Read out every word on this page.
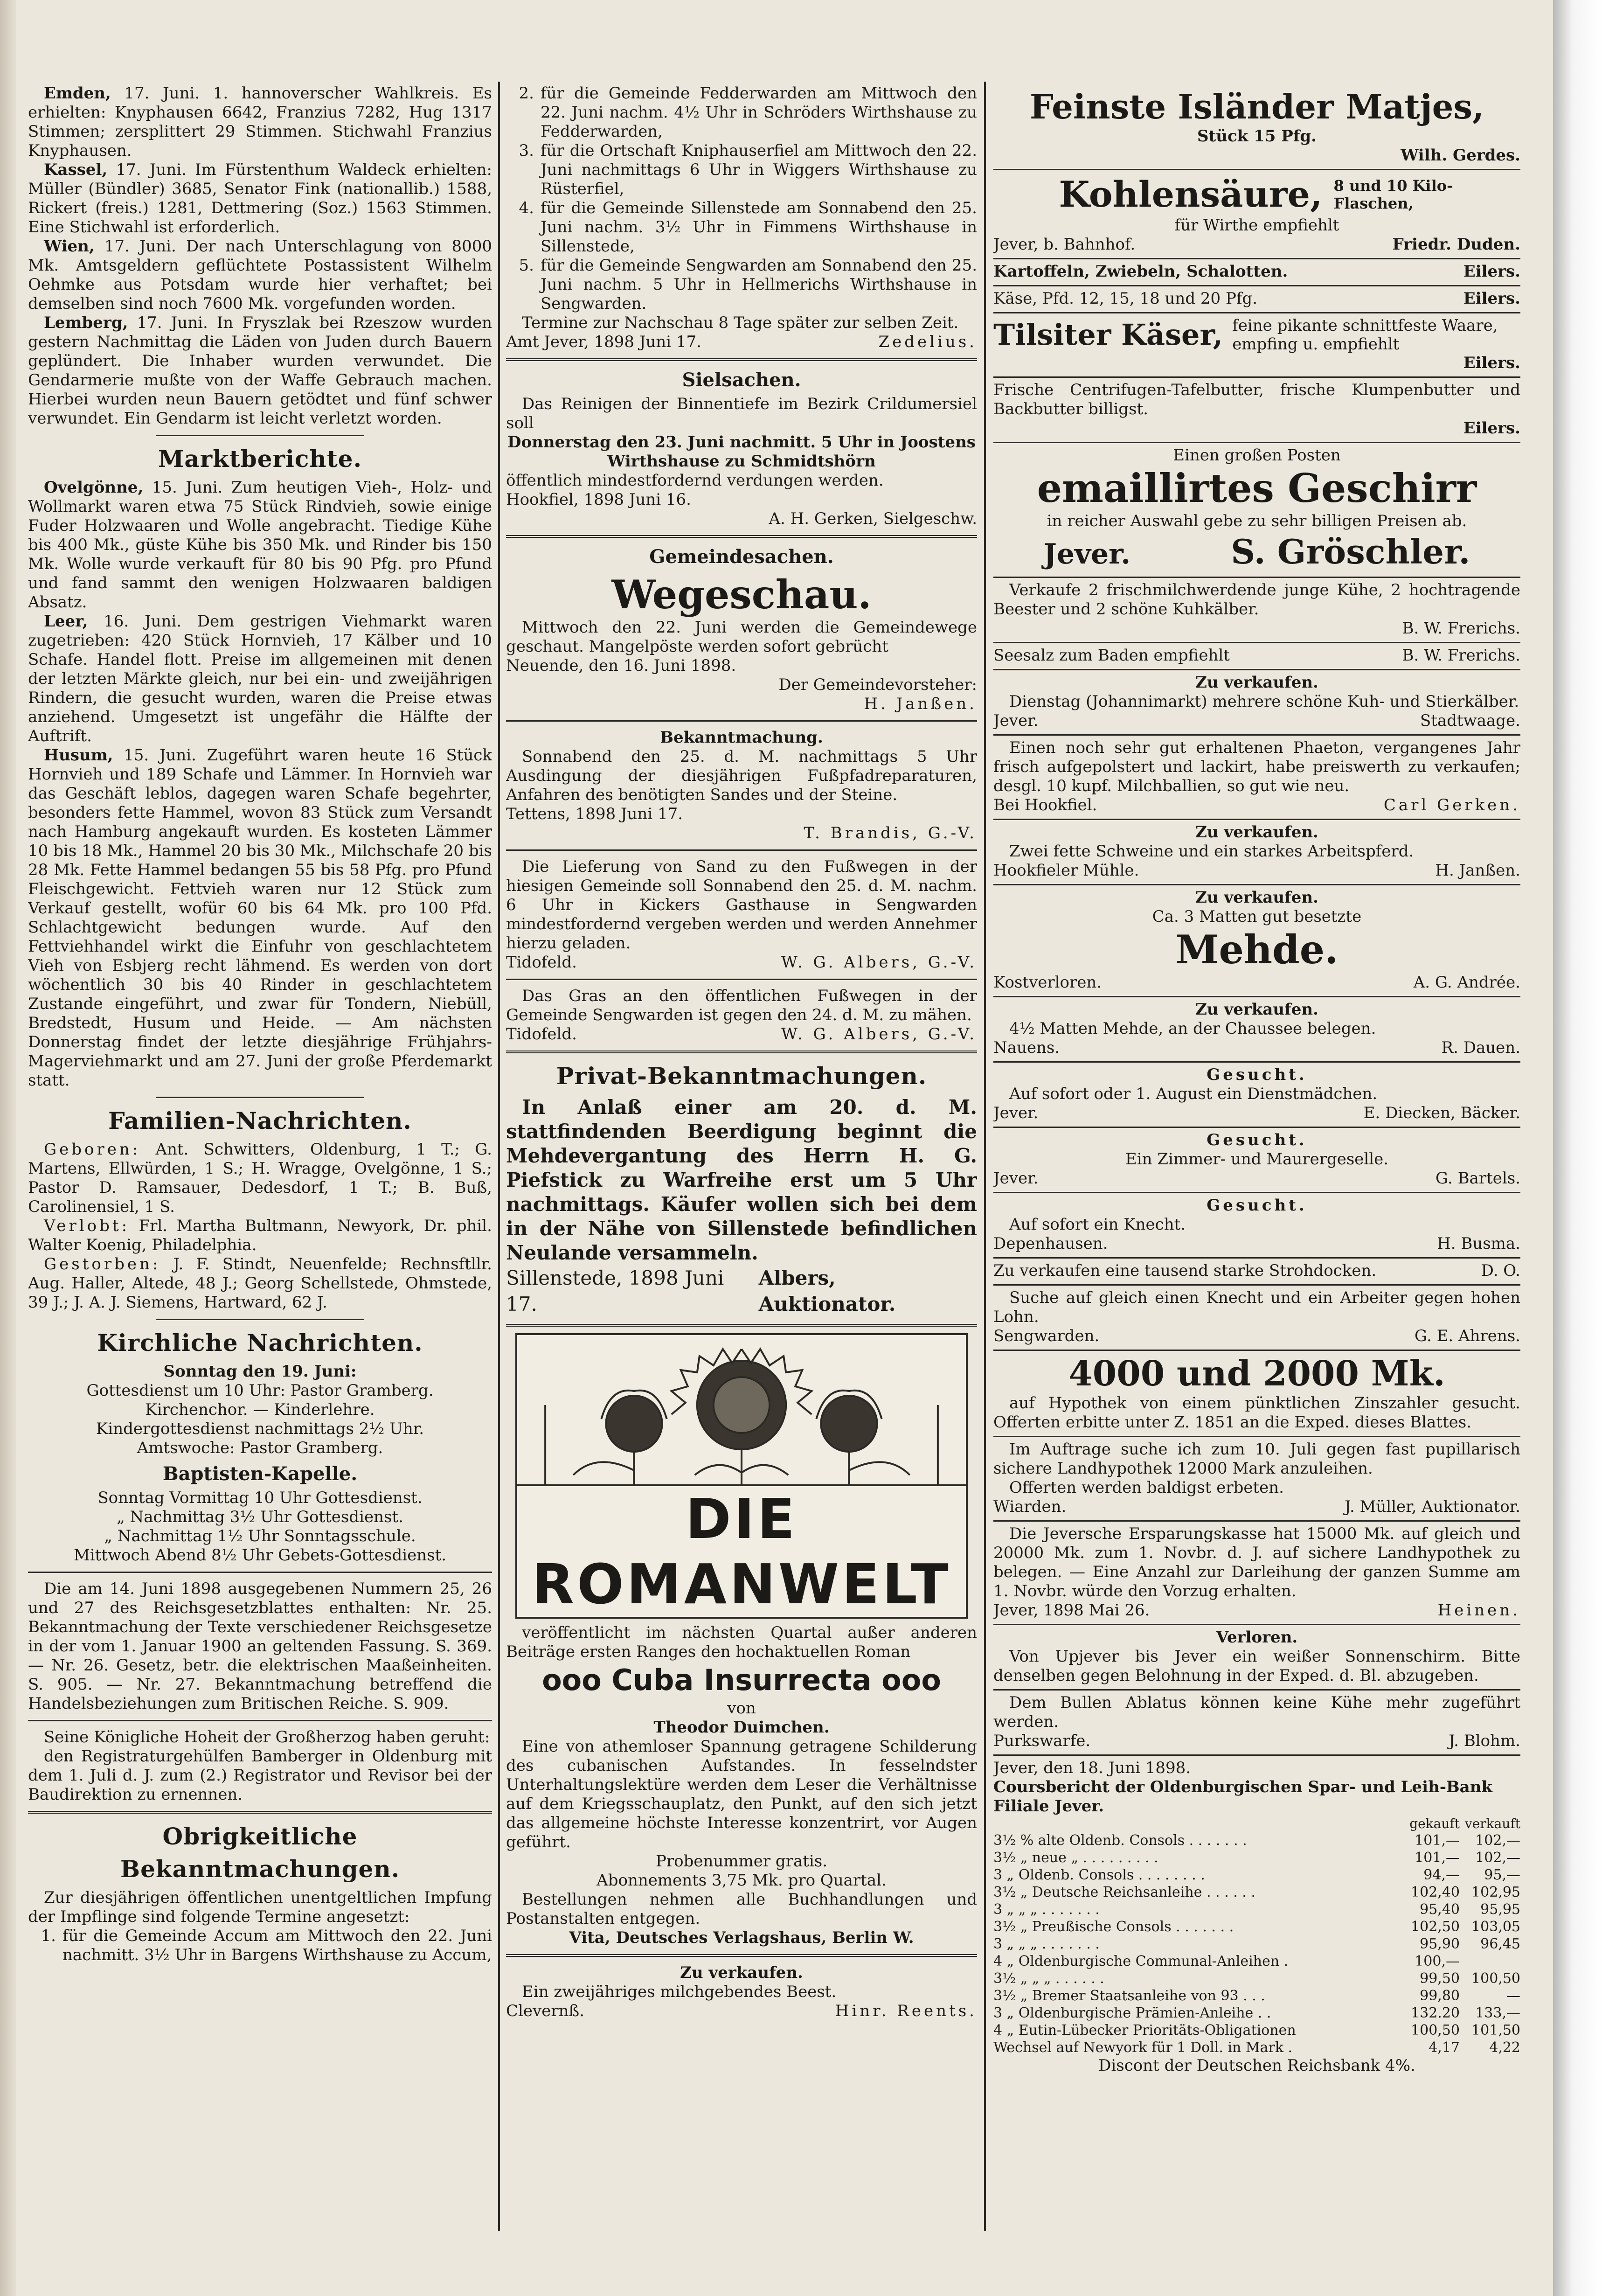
Emden, 17. Juni. 1. hannoverscher Wahlkreis. Es erhielten: Knyphausen 6642, Franzius 7282, Hug 1317 Stimmen; zersplittert 29 Stimmen. Stichwahl Franzius Knyphausen.

Kassel, 17. Juni. Im Fürstenthum Waldeck erhielten: Müller (Bündler) 3685, Senator Fink (nationallib.) 1588, Rickert (freis.) 1281, Dettmering (Soz.) 1563 Stimmen. Eine Stichwahl ist erforderlich.

Wien, 17. Juni. Der nach Unterschlagung von 8000 Mk. Amtsgeldern geflüchtete Postassistent Wilhelm Oehmke aus Potsdam wurde hier verhaftet; bei demselben sind noch 7600 Mk. vorgefunden worden.

Lemberg, 17. Juni. In Fryszlak bei Rzeszow wurden gestern Nachmittag die Läden von Juden durch Bauern geplündert. Die Inhaber wurden verwundet. Die Gendarmerie mußte von der Waffe Gebrauch machen. Hierbei wurden neun Bauern getödtet und fünf schwer verwundet. Ein Gendarm ist leicht verletzt worden.

Marktberichte.

Ovelgönne, 15. Juni. Zum heutigen Vieh-, Holz- und Wollmarkt waren etwa 75 Stück Rindvieh, sowie einige Fuder Holzwaaren und Wolle angebracht. Tiedige Kühe bis 400 Mk., güste Kühe bis 350 Mk. und Rinder bis 150 Mk. Wolle wurde verkauft für 80 bis 90 Pfg. pro Pfund und fand sammt den wenigen Holzwaaren baldigen Absatz.

Leer, 16. Juni. Dem gestrigen Viehmarkt waren zugetrieben: 420 Stück Hornvieh, 17 Kälber und 10 Schafe. Handel flott. Preise im allgemeinen mit denen der letzten Märkte gleich, nur bei ein- und zweijährigen Rindern, die gesucht wurden, waren die Preise etwas anziehend. Umgesetzt ist ungefähr die Hälfte der Auftrift.

Husum, 15. Juni. Zugeführt waren heute 16 Stück Hornvieh und 189 Schafe und Lämmer. In Hornvieh war das Geschäft leblos, dagegen waren Schafe begehrter, besonders fette Hammel, wovon 83 Stück zum Versandt nach Hamburg angekauft wurden. Es kosteten Lämmer 10 bis 18 Mk., Hammel 20 bis 30 Mk., Milchschafe 20 bis 28 Mk. Fette Hammel bedangen 55 bis 58 Pfg. pro Pfund Fleischgewicht. Fettvieh waren nur 12 Stück zum Verkauf gestellt, wofür 60 bis 64 Mk. pro 100 Pfd. Schlachtgewicht bedungen wurde. Auf den Fettviehhandel wirkt die Einfuhr von geschlachtetem Vieh von Esbjerg recht lähmend. Es werden von dort wöchentlich 30 bis 40 Rinder in geschlachtetem Zustande eingeführt, und zwar für Tondern, Niebüll, Bredstedt, Husum und Heide. — Am nächsten Donnerstag findet der letzte diesjährige Frühjahrs-Magerviehmarkt und am 27. Juni der große Pferdemarkt statt.

Familien-Nachrichten.

Geboren: Ant. Schwitters, Oldenburg, 1 T.; G. Martens, Ellwürden, 1 S.; H. Wragge, Ovelgönne, 1 S.; Pastor D. Ramsauer, Dedesdorf, 1 T.; B. Buß, Carolinensiel, 1 S.

Verlobt: Frl. Martha Bultmann, Newyork, Dr. phil. Walter Koenig, Philadelphia.

Gestorben: J. F. Stindt, Neuenfelde; Rechnsftllr. Aug. Haller, Altede, 48 J.; Georg Schellstede, Ohmstede, 39 J.; J. A. J. Siemens, Hartward, 62 J.

Kirchliche Nachrichten.
Sonntag den 19. Juni:
Gottesdienst um 10 Uhr: Pastor Gramberg.
Kirchenchor. — Kinderlehre.
Kindergottesdienst nachmittags 2½ Uhr.
Amtswoche: Pastor Gramberg.
Baptisten-Kapelle.
Sonntag Vormittag 10 Uhr Gottesdienst.
„ Nachmittag 3½ Uhr Gottesdienst.
„ Nachmittag 1½ Uhr Sonntagsschule.
Mittwoch Abend 8½ Uhr Gebets-Gottesdienst.

Die am 14. Juni 1898 ausgegebenen Nummern 25, 26 und 27 des Reichsgesetzblattes enthalten: Nr. 25. Bekanntmachung der Texte verschiedener Reichsgesetze in der vom 1. Januar 1900 an geltenden Fassung. S. 369. — Nr. 26. Gesetz, betr. die elektrischen Maaßeinheiten. S. 905. — Nr. 27. Bekanntmachung betreffend die Handelsbeziehungen zum Britischen Reiche. S. 909.

Seine Königliche Hoheit der Großherzog haben geruht:

den Registraturgehülfen Bamberger in Oldenburg mit dem 1. Juli d. J. zum (2.) Registrator und Revisor bei der Baudirektion zu ernennen.

Obrigkeitliche Bekanntmachungen.

Zur diesjährigen öffentlichen unentgeltlichen Impfung der Impflinge sind folgende Termine angesetzt:

1. für die Gemeinde Accum am Mittwoch den 22. Juni nachmitt. 3½ Uhr in Bargens Wirthshause zu Accum,
2. für die Gemeinde Fedderwarden am Mittwoch den 22. Juni nachm. 4½ Uhr in Schröders Wirthshause zu Fedderwarden,
3. für die Ortschaft Kniphauserfiel am Mittwoch den 22. Juni nachmittags 6 Uhr in Wiggers Wirthshause zu Rüsterfiel,
4. für die Gemeinde Sillenstede am Sonnabend den 25. Juni nachm. 3½ Uhr in Fimmens Wirthshause in Sillenstede,
5. für die Gemeinde Sengwarden am Sonnabend den 25. Juni nachm. 5 Uhr in Hellmerichs Wirthshause in Sengwarden.

Termine zur Nachschau 8 Tage später zur selben Zeit.

Amt Jever, 1898 Juni 17.	Zedelius.
Sielsachen.

Das Reinigen der Binnentiefe im Bezirk Crildumersiel soll

Donnerstag den 23. Juni nachmitt. 5 Uhr in Joostens Wirthshause zu Schmidtshörn

öffentlich mindestfordernd verdungen werden.

Hookfiel, 1898 Juni 16.
A. H. Gerken, Sielgeschw.
Gemeindesachen.
Wegeschau.

Mittwoch den 22. Juni werden die Gemeindewege geschaut. Mangelpöste werden sofort gebrücht

Neuende, den 16. Juni 1898.
Der Gemeindevorsteher:
H. Janßen.
Bekanntmachung.

Sonnabend den 25. d. M. nachmittags 5 Uhr Ausdingung der diesjährigen Fußpfadreparaturen, Anfahren des benötigten Sandes und der Steine.

Tettens, 1898 Juni 17.
T. Brandis, G.-V.

Die Lieferung von Sand zu den Fußwegen in der hiesigen Gemeinde soll Sonnabend den 25. d. M. nachm. 6 Uhr in Kickers Gasthause in Sengwarden mindestfordernd vergeben werden und werden Annehmer hierzu geladen.

Tidofeld.	W. G. Albers, G.-V.

Das Gras an den öffentlichen Fußwegen in der Gemeinde Sengwarden ist gegen den 24. d. M. zu mähen.

Tidofeld.	W. G. Albers, G.-V.
Privat-Bekanntmachungen.

In Anlaß einer am 20. d. M. stattfindenden Beerdigung beginnt die Mehdevergantung des Herrn H. G. Piefstick zu Warfreihe erst um 5 Uhr nachmittags. Käufer wollen sich bei dem in der Nähe von Sillenstede befindlichen Neulande versammeln.

Sillenstede, 1898 Juni 17.
Albers, Auktionator.
DIE ROMANWELT

veröffentlicht im nächsten Quartal außer anderen Beiträge ersten Ranges den hochaktuellen Roman

ooo Cuba Insurrecta ooo
von
Theodor Duimchen.

Eine von athemloser Spannung getragene Schilderung des cubanischen Aufstandes. In fesselndster Unterhaltungslektüre werden dem Leser die Verhältnisse auf dem Kriegsschauplatz, den Punkt, auf den sich jetzt das allgemeine höchste Interesse konzentrirt, vor Augen geführt.

Probenummer gratis.
Abonnements 3,75 Mk. pro Quartal.

Bestellungen nehmen alle Buchhandlungen und Postanstalten entgegen.

Vita, Deutsches Verlagshaus, Berlin W.
Zu verkaufen.

Ein zweijähriges milchgebendes Beest.

Clevernß.	Hinr. Reents.
Feinste Isländer Matjes,
Stück 15 Pfg.
Wilh. Gerdes.
Kohlensäure, 8 und 10 Kilo-Flaschen,
für Wirthe empfiehlt
Jever, b. Bahnhof.	Friedr. Duden.
Kartoffeln, Zwiebeln, Schalotten.	Eilers.
Käse, Pfd. 12, 15, 18 und 20 Pfg.	Eilers.
Tilsiter Käser, feine pikante schnittfeste Waare, empfing u. empfiehlt
Eilers.

Frische Centrifugen-Tafelbutter, frische Klumpenbutter und Backbutter billigst.

Eilers.
Einen großen Posten
emaillirtes Geschirr
in reicher Auswahl gebe zu sehr billigen Preisen ab.
Jever.	S. Gröschler.

Verkaufe 2 frischmilchwerdende junge Kühe, 2 hochtragende Beester und 2 schöne Kuhkälber.

B. W. Frerichs.
Seesalz zum Baden empfiehlt	B. W. Frerichs.
Zu verkaufen.

Dienstag (Johannimarkt) mehrere schöne Kuh- und Stierkälber.

Jever.	Stadtwaage.

Einen noch sehr gut erhaltenen Phaeton, vergangenes Jahr frisch aufgepolstert und lackirt, habe preiswerth zu verkaufen; desgl. 10 kupf. Milchballien, so gut wie neu.

Bei Hookfiel.	Carl Gerken.
Zu verkaufen.

Zwei fette Schweine und ein starkes Arbeitspferd.

Hookfieler Mühle.	H. Janßen.
Zu verkaufen.
Ca. 3 Matten gut besetzte
Mehde.
Kostverloren.	A. G. Andrée.
Zu verkaufen.

4½ Matten Mehde, an der Chaussee belegen.

Nauens.	R. Dauen.
Gesucht.

Auf sofort oder 1. August ein Dienstmädchen.

Jever.	E. Diecken, Bäcker.
Gesucht.
Ein Zimmer- und Maurergeselle.
Jever.	G. Bartels.
Gesucht.

Auf sofort ein Knecht.

Depenhausen.	H. Busma.
Zu verkaufen eine tausend starke Strohdocken.	D. O.

Suche auf gleich einen Knecht und ein Arbeiter gegen hohen Lohn.

Sengwarden.	G. E. Ahrens.
4000 und 2000 Mk.

auf Hypothek von einem pünktlichen Zinszahler gesucht. Offerten erbitte unter Z. 1851 an die Exped. dieses Blattes.

Im Auftrage suche ich zum 10. Juli gegen fast pupillarisch sichere Landhypothek 12000 Mark anzuleihen.

Offerten werden baldigst erbeten.

Wiarden.	J. Müller, Auktionator.

Die Jeversche Ersparungskasse hat 15000 Mk. auf gleich und 20000 Mk. zum 1. Novbr. d. J. auf sichere Landhypothek zu belegen. — Eine Anzahl zur Darleihung der ganzen Summe am 1. Novbr. würde den Vorzug erhalten.

Jever, 1898 Mai 26.	Heinen.
Verloren.

Von Upjever bis Jever ein weißer Sonnenschirm. Bitte denselben gegen Belohnung in der Exped. d. Bl. abzugeben.

Dem Bullen Ablatus können keine Kühe mehr zugeführt werden.

Purkswarfe.	J. Blohm.
Jever, den 18. Juni 1898.
Coursbericht der Oldenburgischen Spar- und Leih-Bank Filiale Jever.
gekauft verkauft
3½ % alte Oldenb. Consols . . . . . . .	101,—	102,—
3½ „ neue „ . . . . . . . . .	101,—	102,—
3 „ Oldenb. Consols . . . . . . . .	94,—	95,—
3½ „ Deutsche Reichsanleihe . . . . . .	102,40 102,95
3 „ „ „ . . . . . . .	95,40	95,95
3½ „ Preußische Consols . . . . . . .	102,50 103,05
3 „ „ „ . . . . . . .	95,90	96,45
4 „ Oldenburgische Communal-Anleihen .	100,—
3½ „ „ „ . . . . . .	99,50 100,50
3½ „ Bremer Staatsanleihe von 93 . . .	99,80	—
3 „ Oldenburgische Prämien-Anleihe . .	132.20	133,—
4 „ Eutin-Lübecker Prioritäts-Obligationen	100,50 101,50
Wechsel auf Newyork für 1 Doll. in Mark .	4,17	4,22
Discont der Deutschen Reichsbank 4%.
